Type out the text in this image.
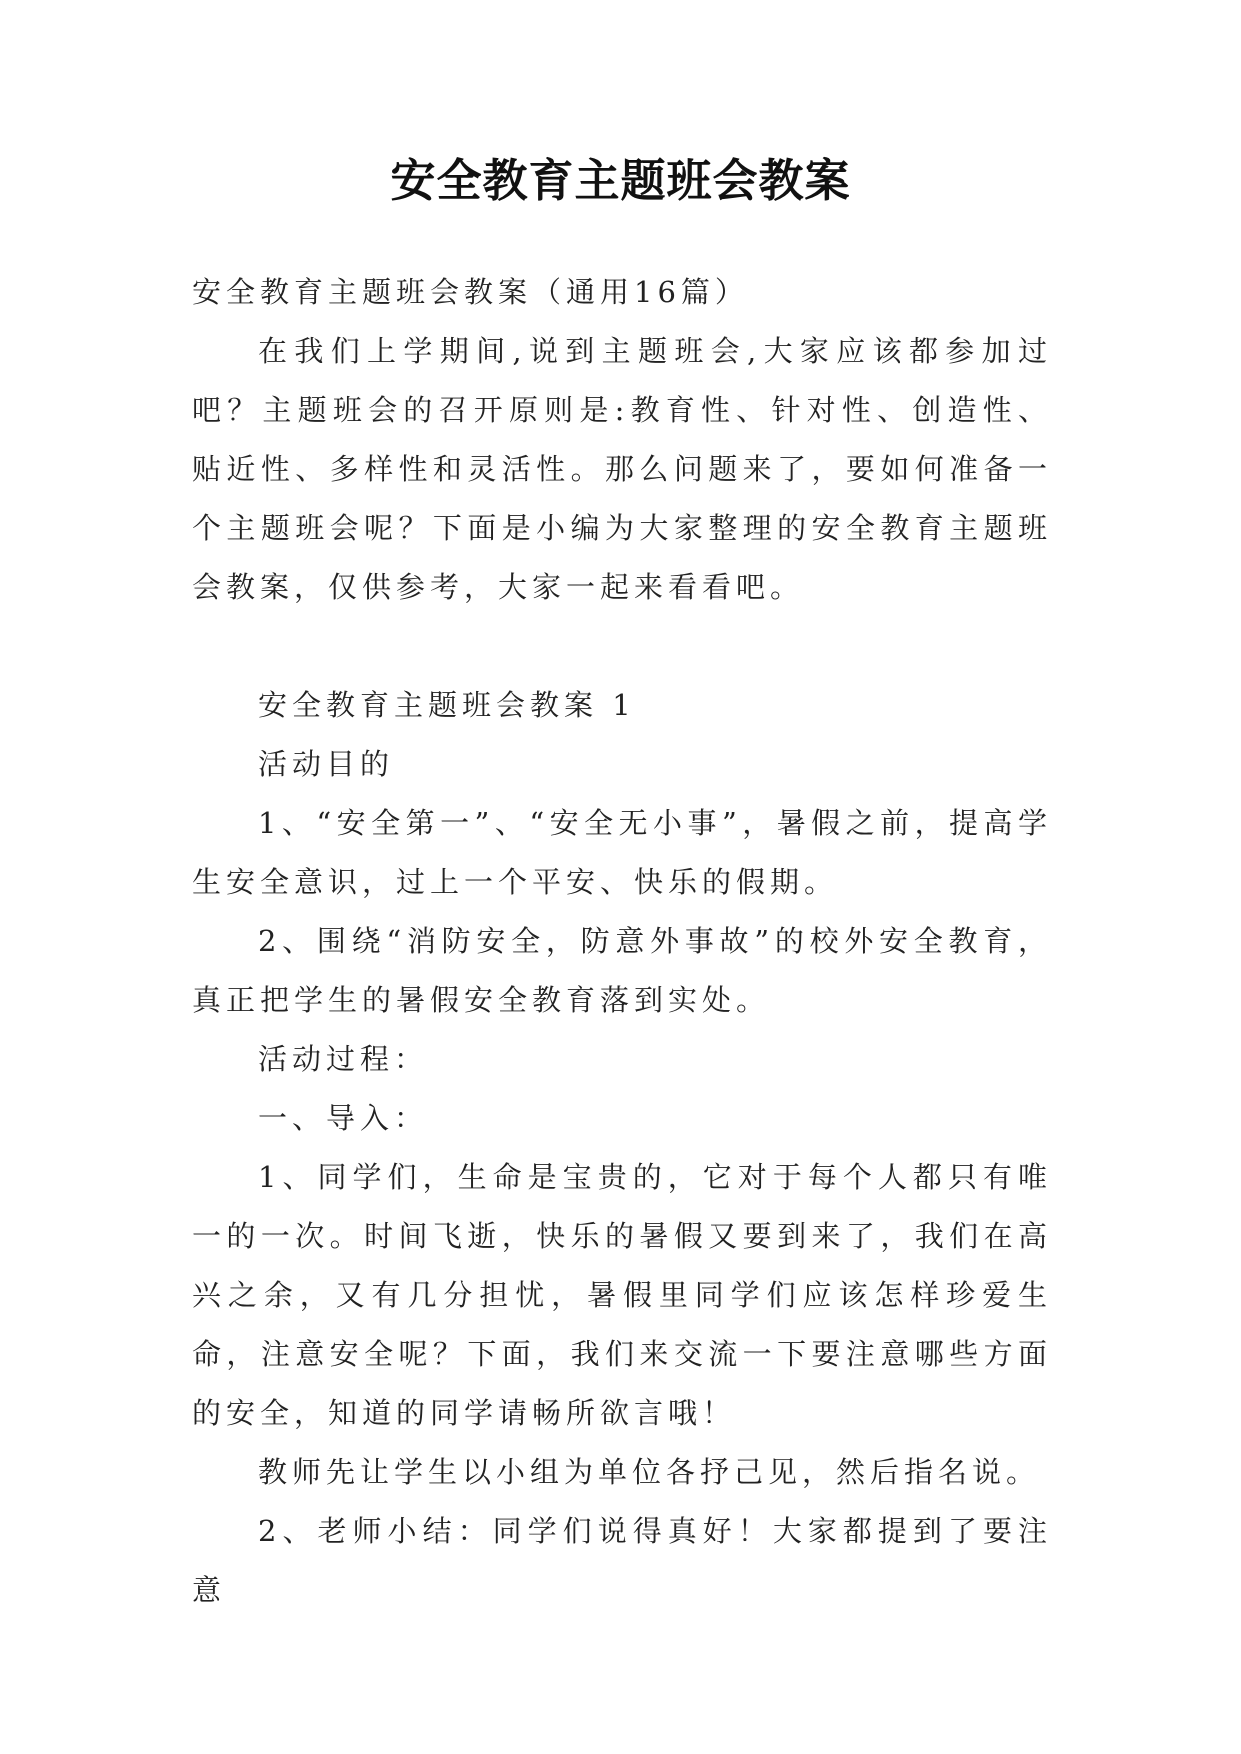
安全教育主题班会教案

安全教育主题班会教案（通用16篇）

在我们上学期间,说到主题班会,大家应该都参加过吧？主题班会的召开原则是:教育性、针对性、创造性、贴近性、多样性和灵活性。那么问题来了，要如何准备一个主题班会呢？下面是小编为大家整理的安全教育主题班会教案，仅供参考，大家一起来看看吧。

安全教育主题班会教案 1

活动目的

1、“安全第一”、“安全无小事”，暑假之前，提高学生安全意识，过上一个平安、快乐的假期。

2、围绕“消防安全，防意外事故”的校外安全教育，真正把学生的暑假安全教育落到实处。

活动过程：

一、导入：

1、同学们，生命是宝贵的，它对于每个人都只有唯一的一次。时间飞逝，快乐的暑假又要到来了，我们在高兴之余，又有几分担忧，暑假里同学们应该怎样珍爱生命，注意安全呢？下面，我们来交流一下要注意哪些方面的安全，知道的同学请畅所欲言哦！

教师先让学生以小组为单位各抒己见，然后指名说。

2、老师小结：同学们说得真好！大家都提到了要注意
